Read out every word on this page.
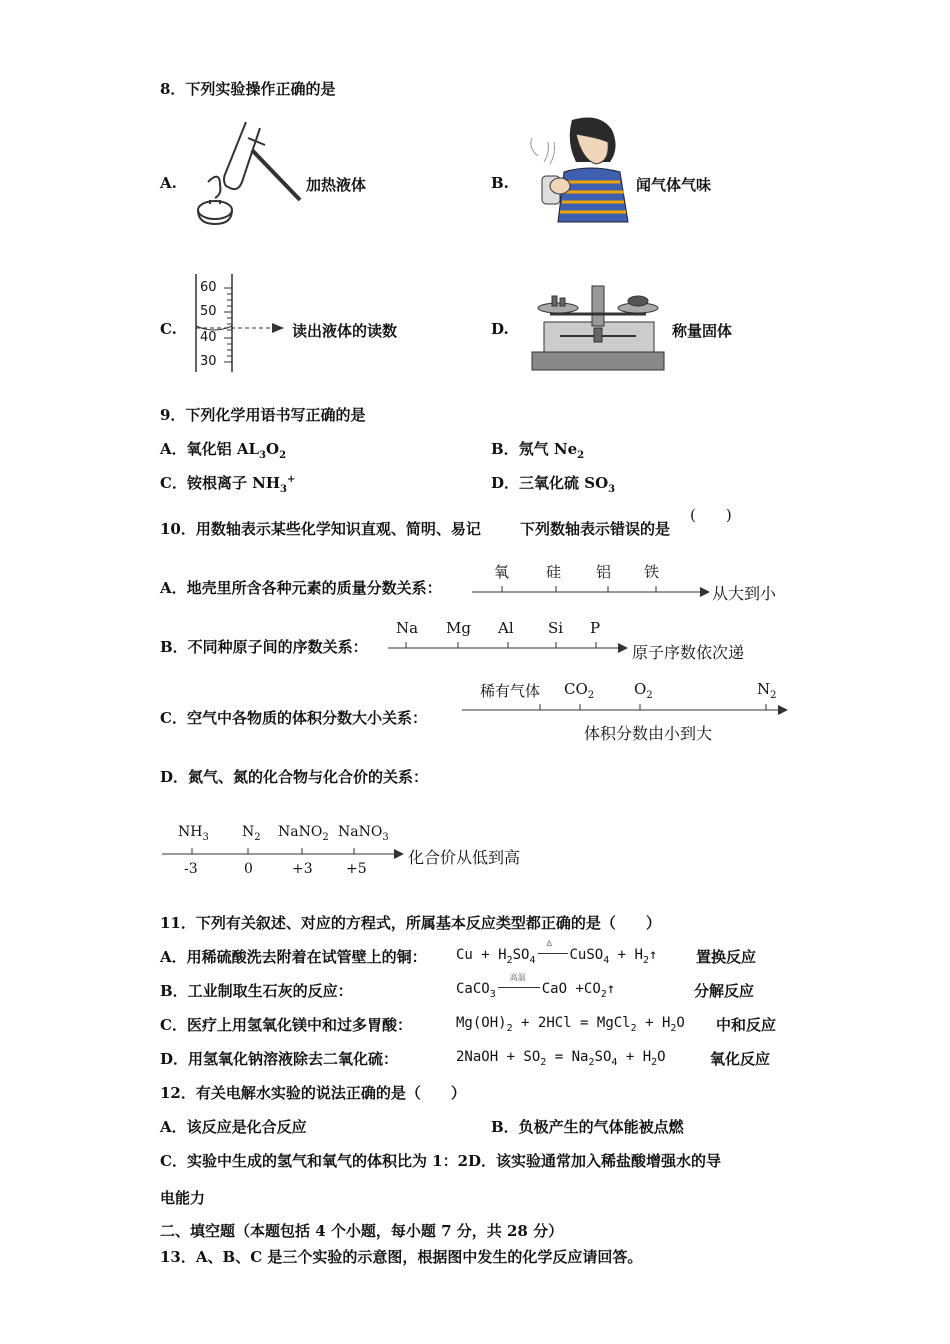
8．下列实验操作正确的是
A.	加热液体	B.	闻气体气味
C.
60
50
40
30
读出液体的读数	D.	称量固体
9．下列化学用语书写正确的是
A．氧化铝 $AL_3O_2$	B．氖气 $Ne_2$
C．铵根离子 $NH_3^+$	D．三氧化硫 $SO_3$
10．用数轴表示某些化学知识直观、简明、易记	下列数轴表示错误的是
(　　)
A．地壳里所含各种元素的质量分数关系：
氧 硅 铝 铁
从大到小
B．不同种原子间的序数关系：
Na Mg Al Si P
原子序数依次递
C．空气中各物质的体积分数大小关系：
稀有气体 $CO_2$	$O_2$	$N_2$
体积分数由小到大
D．氮气、氮的化合物与化合价的关系：
$NH_3$ $N_2$ NaNO$_2$ NaNO$_3$
-3	0	+3 +5
化合价从低到高
11．下列有关叙述、对应的方程式，所属基本反应类型都正确的是（　　）
A．用稀硫酸洗去附着在试管壁上的铜： $Cu + H_2SO_4$
△
CuSO$_4$ + $H_2↑$	置换反应
B．工业制取生石灰的反应：	CaCO$_3$
高温
CaO $+CO_2↑$	分解反应
C．医疗上用氢氧化镁中和过多胃酸：	$Mg(OH)_2 + 2HCl$ = MgCl$_2$ + $H_2O$ 中和反应
D．用氢氧化钠溶液除去二氧化硫：	2NaOH + $SO_2 = Na_2SO_4 + H_2O$	氧化反应
12．有关电解水实验的说法正确的是（　　）
A．该反应是化合反应	B．负极产生的气体能被点燃
C．实验中生成的氢气和氧气的体积比为 1：2D．该实验通常加入稀盐酸增强水的导
电能力
二、填空题（本题包括 4 个小题，每小题 7 分，共 28 分）
13．A、B、C 是三个实验的示意图，根据图中发生的化学反应请回答。
